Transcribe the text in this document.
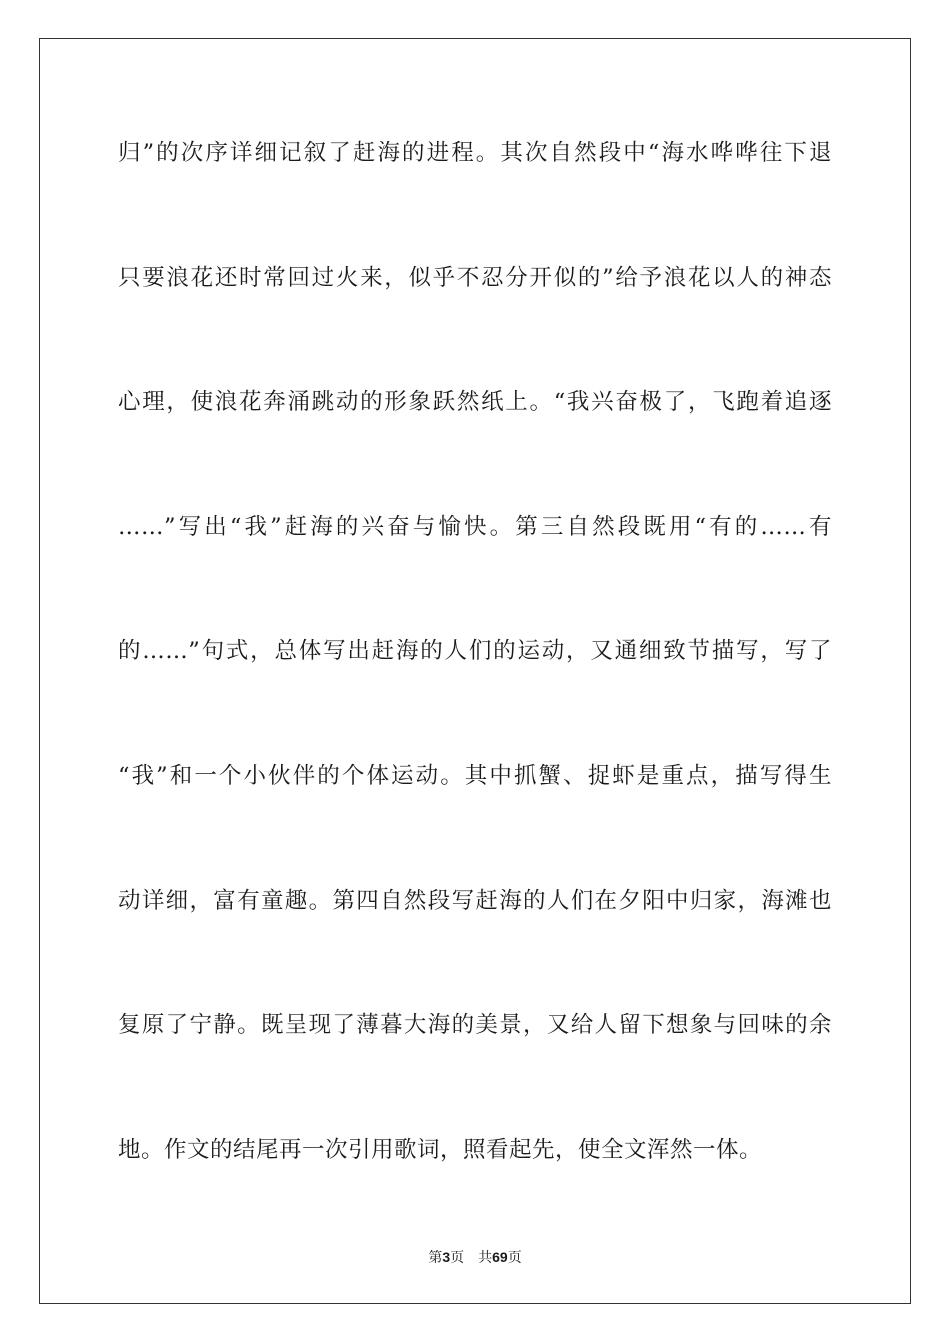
归”的次序详细记叙了赶海的进程。其次自然段中“海水哗哗往下退
只要浪花还时常回过火来，似乎不忍分开似的”给予浪花以人的神态
心理，使浪花奔涌跳动的形象跃然纸上。“我兴奋极了，飞跑着追逐
……”写出“我”赶海的兴奋与愉快。第三自然段既用“有的……有
的……”句式，总体写出赶海的人们的运动，又通细致节描写，写了
“我”和一个小伙伴的个体运动。其中抓蟹、捉虾是重点，描写得生
动详细，富有童趣。第四自然段写赶海的人们在夕阳中归家，海滩也
复原了宁静。既呈现了薄暮大海的美景，又给人留下想象与回味的余
地。作文的结尾再一次引用歌词，照看起先，使全文浑然一体。
第3页 共69页
